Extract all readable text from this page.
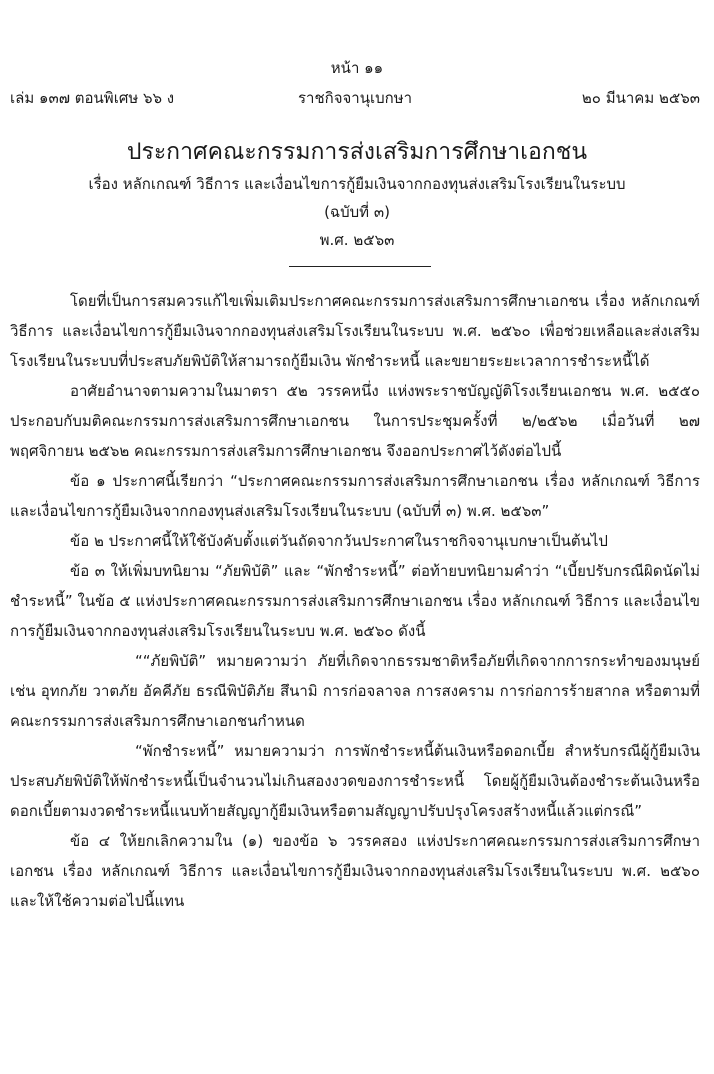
หน้า ๑๑
เล่ม ๑๓๗ ตอนพิเศษ ๖๖ ง	ราชกิจจานุเบกษา	๒๐ มีนาคม ๒๕๖๓
ประกาศคณะกรรมการส่งเสริมการศึกษาเอกชน
เรื่อง หลักเกณฑ์ วิธีการ และเงื่อนไขการกู้ยืมเงินจากกองทุนส่งเสริมโรงเรียนในระบบ
(ฉบับที่ ๓)
พ.ศ. ๒๕๖๓

โดยที่เป็นการสมควรแก้ไขเพิ่มเติมประกาศคณะกรรมการส่งเสริมการศึกษาเอกชน เรื่อง หลักเกณฑ์ วิธีการ และเงื่อนไขการกู้ยืมเงินจากกองทุนส่งเสริมโรงเรียนในระบบ พ.ศ. ๒๕๖๐ เพื่อช่วยเหลือและส่งเสริมโรงเรียนในระบบที่ประสบภัยพิบัติให้สามารถกู้ยืมเงิน พักชำระหนี้ และขยายระยะเวลาการชำระหนี้ได้

อาศัยอำนาจตามความในมาตรา ๕๒ วรรคหนึ่ง แห่งพระราชบัญญัติโรงเรียนเอกชน พ.ศ. ๒๕๕๐ ประกอบกับมติคณะกรรมการส่งเสริมการศึกษาเอกชน ในการประชุมครั้งที่ ๒/๒๕๖๒ เมื่อวันที่ ๒๗ พฤศจิกายน ๒๕๖๒ คณะกรรมการส่งเสริมการศึกษาเอกชน จึงออกประกาศไว้ดังต่อไปนี้

ข้อ ๑ ประกาศนี้เรียกว่า “ประกาศคณะกรรมการส่งเสริมการศึกษาเอกชน เรื่อง หลักเกณฑ์ วิธีการ และเงื่อนไขการกู้ยืมเงินจากกองทุนส่งเสริมโรงเรียนในระบบ (ฉบับที่ ๓) พ.ศ. ๒๕๖๓”

ข้อ ๒ ประกาศนี้ให้ใช้บังคับตั้งแต่วันถัดจากวันประกาศในราชกิจจานุเบกษาเป็นต้นไป

ข้อ ๓ ให้เพิ่มบทนิยาม “ภัยพิบัติ” และ “พักชำระหนี้” ต่อท้ายบทนิยามคำว่า “เบี้ยปรับกรณีผิดนัดไม่ชำระหนี้” ในข้อ ๕ แห่งประกาศคณะกรรมการส่งเสริมการศึกษาเอกชน เรื่อง หลักเกณฑ์ วิธีการ และเงื่อนไขการกู้ยืมเงินจากกองทุนส่งเสริมโรงเรียนในระบบ พ.ศ. ๒๕๖๐ ดังนี้

““ภัยพิบัติ” หมายความว่า ภัยที่เกิดจากธรรมชาติหรือภัยที่เกิดจากการกระทำของมนุษย์ เช่น อุทกภัย วาตภัย อัคคีภัย ธรณีพิบัติภัย สึนามิ การก่อจลาจล การสงคราม การก่อการร้ายสากล หรือตามที่คณะกรรมการส่งเสริมการศึกษาเอกชนกำหนด

“พักชำระหนี้” หมายความว่า การพักชำระหนี้ต้นเงินหรือดอกเบี้ย สำหรับกรณีผู้กู้ยืมเงินประสบภัยพิบัติให้พักชำระหนี้เป็นจำนวนไม่เกินสองงวดของการชำระหนี้ โดยผู้กู้ยืมเงินต้องชำระต้นเงินหรือดอกเบี้ยตามงวดชำระหนี้แนบท้ายสัญญากู้ยืมเงินหรือตามสัญญาปรับปรุงโครงสร้างหนี้แล้วแต่กรณี”

ข้อ ๔ ให้ยกเลิกความใน (๑) ของข้อ ๖ วรรคสอง แห่งประกาศคณะกรรมการส่งเสริมการศึกษาเอกชน เรื่อง หลักเกณฑ์ วิธีการ และเงื่อนไขการกู้ยืมเงินจากกองทุนส่งเสริมโรงเรียนในระบบ พ.ศ. ๒๕๖๐ และให้ใช้ความต่อไปนี้แทน
